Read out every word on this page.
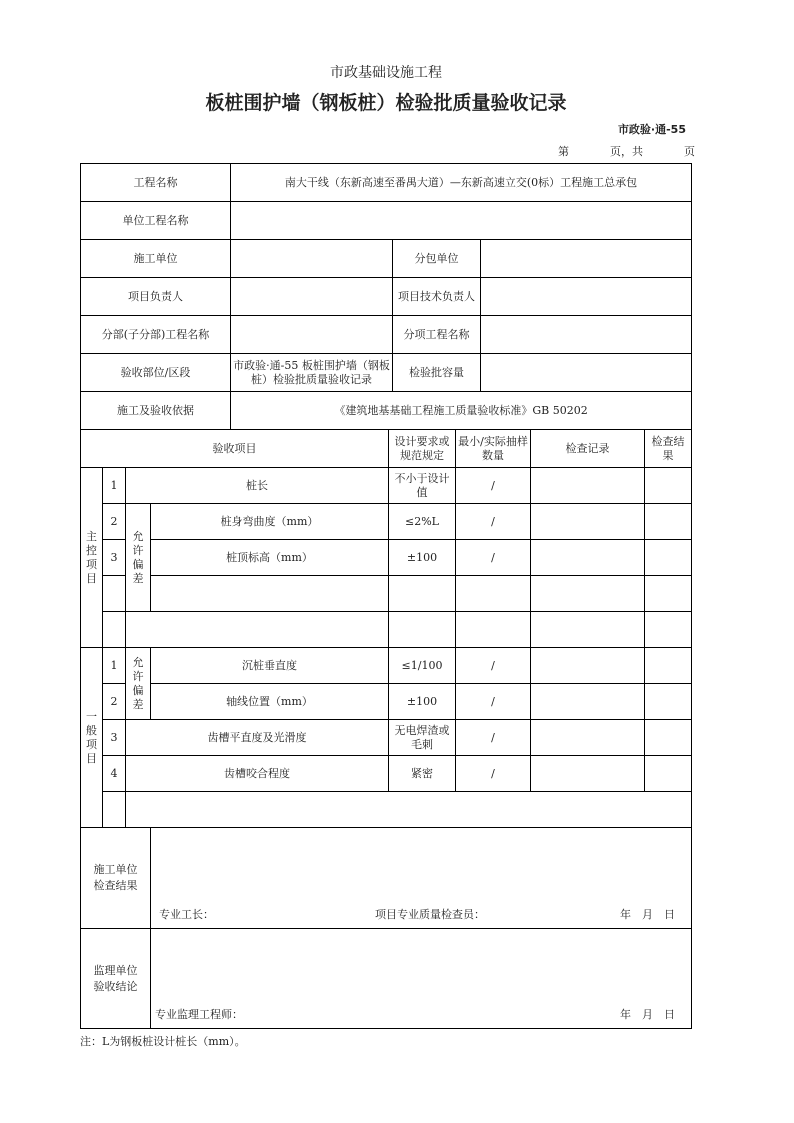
市政基础设施工程
板桩围护墙（钢板桩）检验批质量验收记录
市政验·通-55
第	页，共	页
工程名称				南大干线（东新高速至番禺大道）—东新高速立交(0标）工程施工总承包						
单位工程名称										
施工单位						分包单位				
项目负责人						项目技术负责人				
分部(子分部)工程名称						分项工程名称				
验收部位/区段				市政验·通-55 板桩围护墙（钢板桩）检验批质量验收记录		检验批容量				
施工及验收依据				《建筑地基基础工程施工质量验收标准》GB 50202						
验收项目					设计要求或规范规定		最小/实际抽样数量		检查记录	检查结果

主控项目	1	桩长			不小于设计值		/			
	2	允许偏差	桩身弯曲度（mm）		≤2%L		/			
	3		桩顶标高（mm）		±100		/			

一般项目	1	允许偏差	沉桩垂直度		≤1/100		/			
	2		轴线位置（mm）		±100		/			
	3	齿槽平直度及光滑度			无电焊渣或毛刺		/			
	4	齿槽咬合程度			紧密		/			

施工单位检查结果			专业工长： 项目专业质量检查员： 年　月　日							

监理单位验收结论			专业监理工程师： 年　月　日							
注：L为钢板桩设计桩长（mm）。
